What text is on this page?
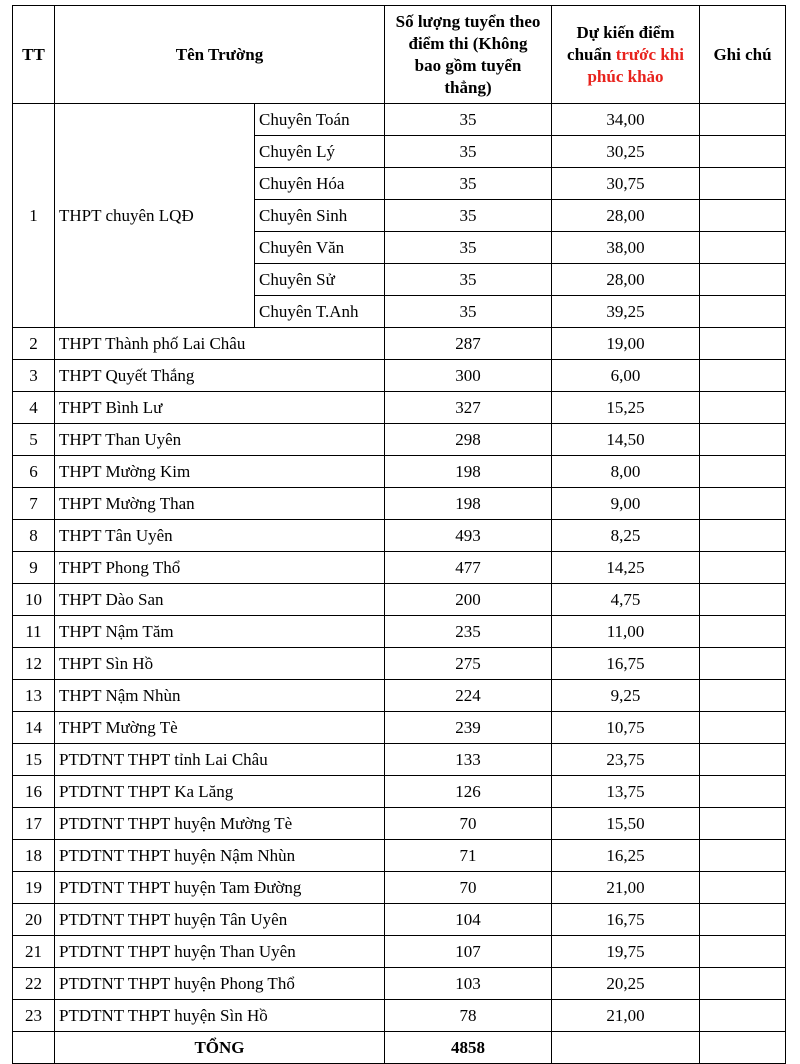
TT	Tên Trường		Số lượng tuyển theo điểm thi (Không bao gồm tuyển thẳng)	Dự kiến điểm chuẩn trước khi phúc khảo	Ghi chú
1	THPT chuyên LQĐ	Chuyên Toán	35	34,00	
		Chuyên Lý	35	30,25	
		Chuyên Hóa	35	30,75	
		Chuyên Sinh	35	28,00	
		Chuyên Văn	35	38,00	
		Chuyên Sử	35	28,00	
		Chuyên T.Anh	35	39,25	
2	THPT Thành phố Lai Châu		287	19,00	
3	THPT Quyết Thắng		300	6,00	
4	THPT Bình Lư		327	15,25	
5	THPT Than Uyên		298	14,50	
6	THPT Mường Kim		198	8,00	
7	THPT Mường Than		198	9,00	
8	THPT Tân Uyên		493	8,25	
9	THPT Phong Thổ		477	14,25	
10	THPT Dào San		200	4,75	
11	THPT Nậm Tăm		235	11,00	
12	THPT Sìn Hồ		275	16,75	
13	THPT Nậm Nhùn		224	9,25	
14	THPT Mường Tè		239	10,75	
15	PTDTNT THPT tỉnh Lai Châu		133	23,75	
16	PTDTNT THPT Ka Lăng		126	13,75	
17	PTDTNT THPT huyện Mường Tè		70	15,50	
18	PTDTNT THPT huyện Nậm Nhùn		71	16,25	
19	PTDTNT THPT huyện Tam Đường		70	21,00	
20	PTDTNT THPT huyện Tân Uyên		104	16,75	
21	PTDTNT THPT huyện Than Uyên		107	19,75	
22	PTDTNT THPT huyện Phong Thổ		103	20,25	
23	PTDTNT THPT huyện Sìn Hồ		78	21,00	
	TỔNG		4858		
